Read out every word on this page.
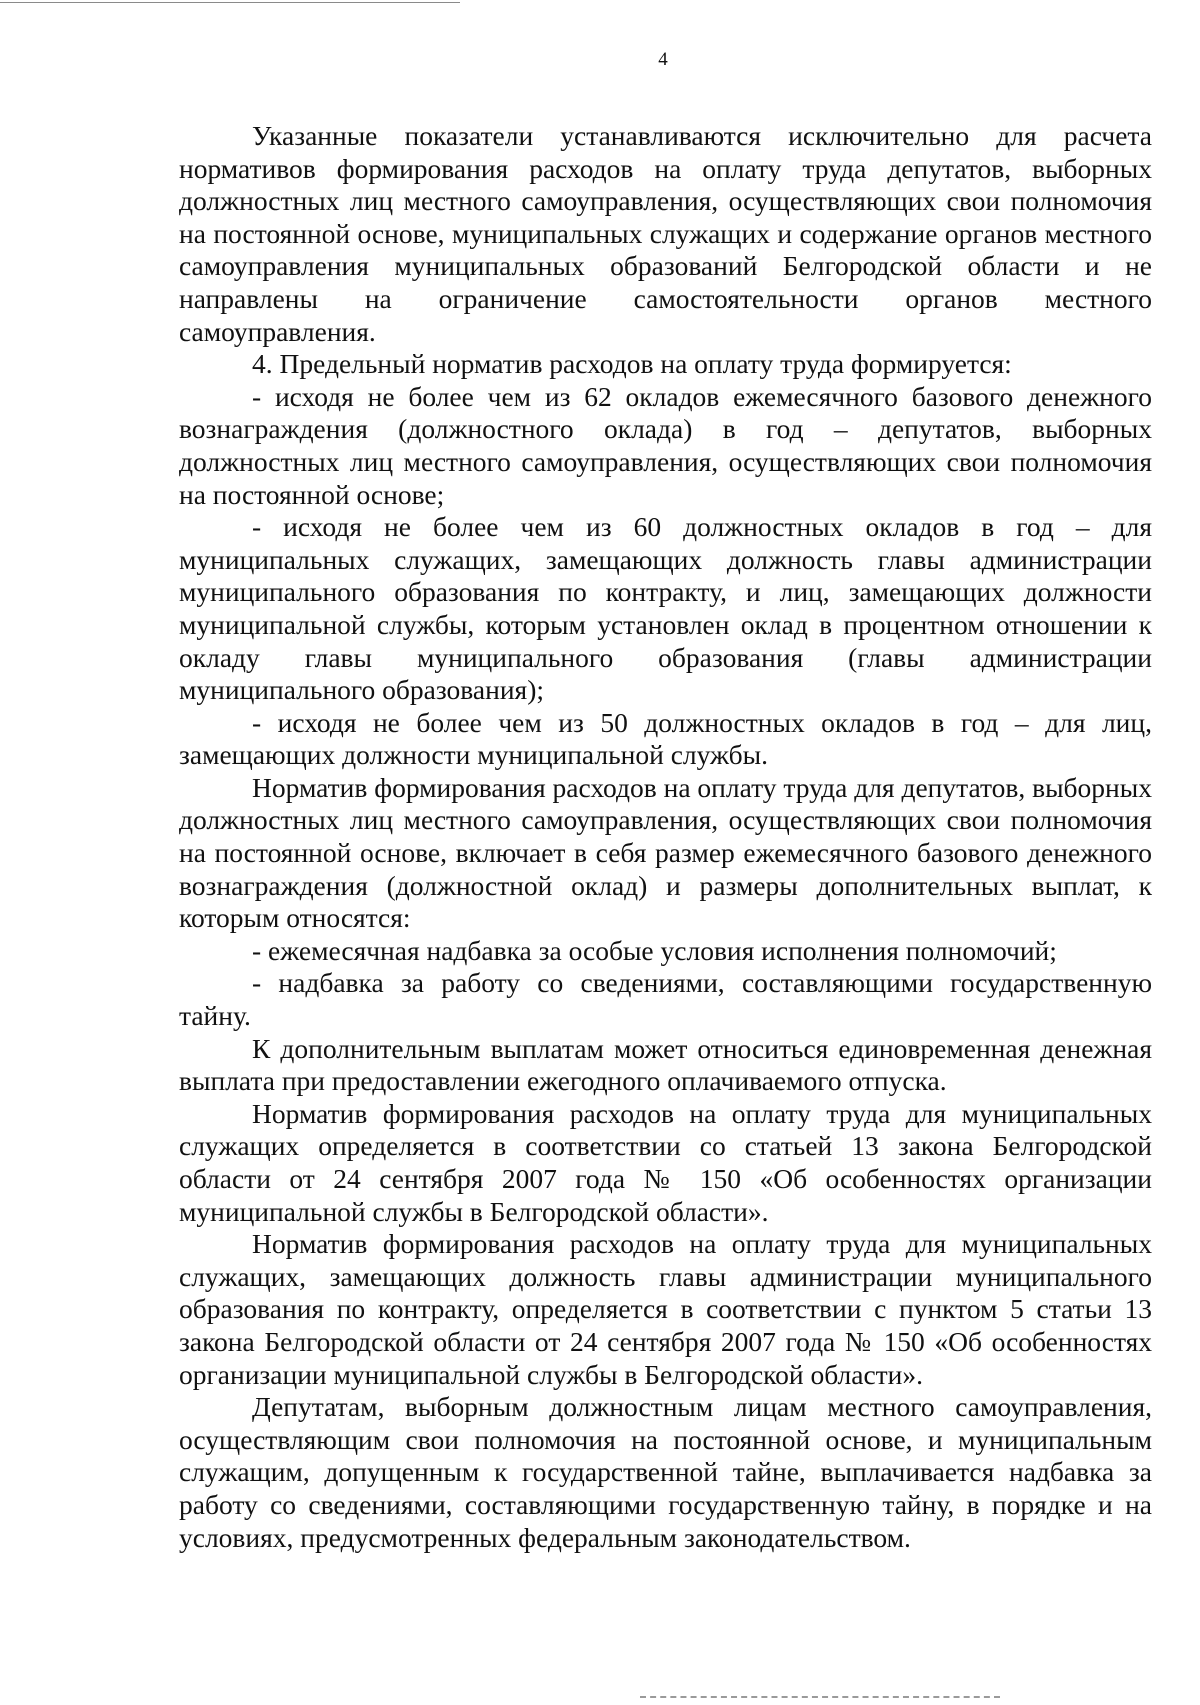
4

Указанные показатели устанавливаются исключительно для расчета нормативов формирования расходов на оплату труда депутатов, выборных должностных лиц местного самоуправления, осуществляющих свои полномочия на постоянной основе, муниципальных служащих и содержание органов местного самоуправления муниципальных образований Белгородской области и не направлены на ограничение самостоятельности органов местного самоуправления.

4. Предельный норматив расходов на оплату труда формируется:

- исходя не более чем из 62 окладов ежемесячного базового денежного вознаграждения (должностного оклада) в год – депутатов, выборных должностных лиц местного самоуправления, осуществляющих свои полномочия на постоянной основе;

- исходя не более чем из 60 должностных окладов в год – для муниципальных служащих, замещающих должность главы администрации муниципального образования по контракту, и лиц, замещающих должности муниципальной службы, которым установлен оклад в процентном отношении к окладу главы муниципального образования (главы администрации муниципального образования);

- исходя не более чем из 50 должностных окладов в год – для лиц, замещающих должности муниципальной службы.

Норматив формирования расходов на оплату труда для депутатов, выборных должностных лиц местного самоуправления, осуществляющих свои полномочия на постоянной основе, включает в себя размер ежемесячного базового денежного вознаграждения (должностной оклад) и размеры дополнительных выплат, к которым относятся:

- ежемесячная надбавка за особые условия исполнения полномочий;

- надбавка за работу со сведениями, составляющими государственную тайну.

К дополнительным выплатам может относиться единовременная денежная выплата при предоставлении ежегодного оплачиваемого отпуска.

Норматив формирования расходов на оплату труда для муниципальных служащих определяется в соответствии со статьей 13 закона Белгородской области от 24 сентября 2007 года № 150 «Об особенностях организации муниципальной службы в Белгородской области».

Норматив формирования расходов на оплату труда для муниципальных служащих, замещающих должность главы администрации муниципального образования по контракту, определяется в соответствии с пунктом 5 статьи 13 закона Белгородской области от 24 сентября 2007 года № 150 «Об особенностях организации муниципальной службы в Белгородской области».

Депутатам, выборным должностным лицам местного самоуправления, осуществляющим свои полномочия на постоянной основе, и муниципальным служащим, допущенным к государственной тайне, выплачивается надбавка за работу со сведениями, составляющими государственную тайну, в порядке и на условиях, предусмотренных федеральным законодательством.
